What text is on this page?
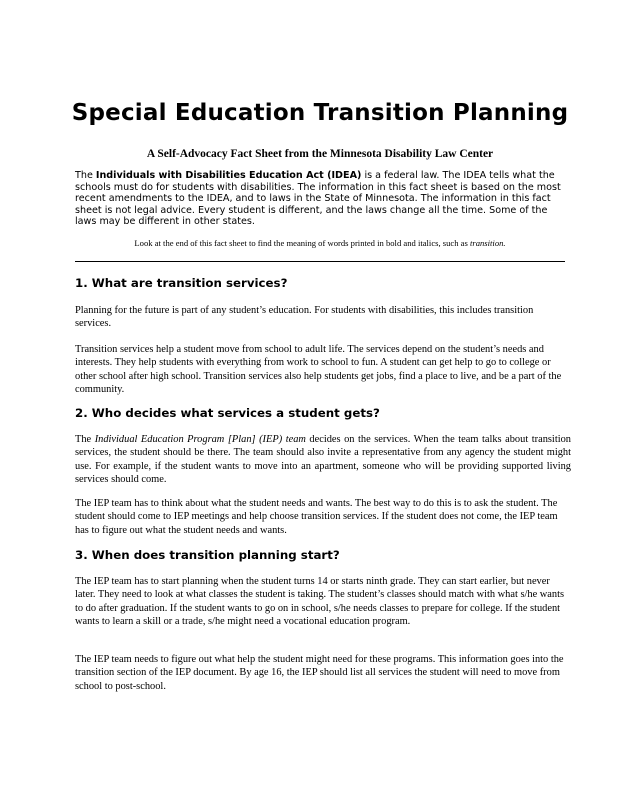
Special Education Transition Planning
A Self-Advocacy Fact Sheet from the Minnesota Disability Law Center
The Individuals with Disabilities Education Act (IDEA) is a federal law. The IDEA tells what the schools must do for students with disabilities. The information in this fact sheet is based on the most recent amendments to the IDEA, and to laws in the State of Minnesota. The information in this fact sheet is not legal advice. Every student is different, and the laws change all the time. Some of the laws may be different in other states.
Look at the end of this fact sheet to find the meaning of words printed in bold and italics, such as transition.
1. What are transition services?
Planning for the future is part of any student’s education. For students with disabilities, this includes transition services.
Transition services help a student move from school to adult life. The services depend on the student’s needs and interests. They help students with everything from work to school to fun. A student can get help to go to college or other school after high school. Transition services also help students get jobs, find a place to live, and be a part of the community.
2. Who decides what services a student gets?
The Individual Education Program [Plan] (IEP) team decides on the services. When the team talks about transition services, the student should be there. The team should also invite a representative from any agency the student might use. For example, if the student wants to move into an apartment, someone who will be providing supported living services should come.
The IEP team has to think about what the student needs and wants. The best way to do this is to ask the student. The student should come to IEP meetings and help choose transition services. If the student does not come, the IEP team has to figure out what the student needs and wants.
3. When does transition planning start?
The IEP team has to start planning when the student turns 14 or starts ninth grade. They can start earlier, but never later. They need to look at what classes the student is taking. The student’s classes should match with what s/he wants to do after graduation. If the student wants to go on in school, s/he needs classes to prepare for college. If the student wants to learn a skill or a trade, s/he might need a vocational education program.
The IEP team needs to figure out what help the student might need for these programs. This information goes into the transition section of the IEP document. By age 16, the IEP should list all services the student will need to move from school to post-school.
